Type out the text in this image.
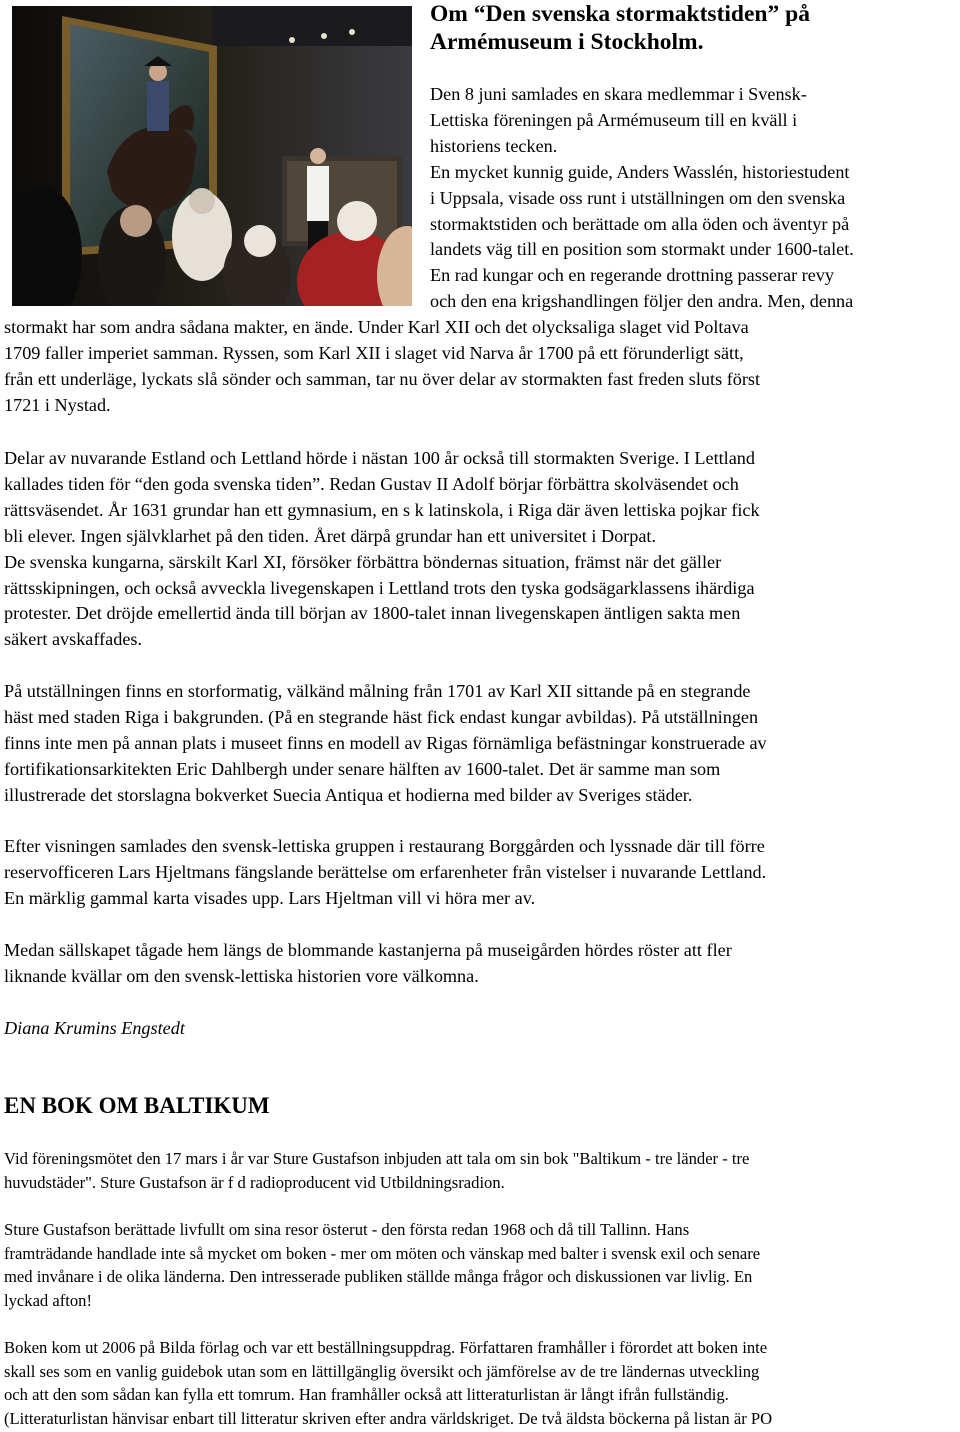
Om “Den svenska stormaktstiden” på
Armémuseum i Stockholm.
Den 8 juni samlades en skara medlemmar i Svensk-
Lettiska föreningen på Armémuseum till en kväll i
historiens tecken.
En mycket kunnig guide, Anders Wasslén, historiestudent
i Uppsala, visade oss runt i utställningen om den svenska
stormaktstiden och berättade om alla öden och äventyr på
landets väg till en position som stormakt under 1600-talet.
En rad kungar och en regerande drottning passerar revy
och den ena krigshandlingen följer den andra. Men, denna
stormakt har som andra sådana makter, en ände. Under Karl XII och det olycksaliga slaget vid Poltava
1709 faller imperiet samman. Ryssen, som Karl XII i slaget vid Narva år 1700 på ett förunderligt sätt,
från ett underläge, lyckats slå sönder och samman, tar nu över delar av stormakten fast freden sluts först
1721 i Nystad.
Delar av nuvarande Estland och Lettland hörde i nästan 100 år också till stormakten Sverige. I Lettland
kallades tiden för “den goda svenska tiden”. Redan Gustav II Adolf börjar förbättra skolväsendet och
rättsväsendet. År 1631 grundar han ett gymnasium, en s k latinskola, i Riga där även lettiska pojkar fick
bli elever. Ingen självklarhet på den tiden. Året därpå grundar han ett universitet i Dorpat.
De svenska kungarna, särskilt Karl XI, försöker förbättra böndernas situation, främst när det gäller
rättsskipningen, och också avveckla livegenskapen i Lettland trots den tyska godsägarklassens ihärdiga
protester. Det dröjde emellertid ända till början av 1800-talet innan livegenskapen äntligen sakta men
säkert avskaffades.
På utställningen finns en storformatig, välkänd målning från 1701 av Karl XII sittande på en stegrande
häst med staden Riga i bakgrunden. (På en stegrande häst fick endast kungar avbildas). På utställningen
finns inte men på annan plats i museet finns en modell av Rigas förnämliga befästningar konstruerade av
fortifikationsarkitekten Eric Dahlbergh under senare hälften av 1600-talet. Det är samme man som
illustrerade det storslagna bokverket Suecia Antiqua et hodierna med bilder av Sveriges städer.
Efter visningen samlades den svensk-lettiska gruppen i restaurang Borggården och lyssnade där till förre
reservofficeren Lars Hjeltmans fängslande berättelse om erfarenheter från vistelser i nuvarande Lettland.
En märklig gammal karta visades upp. Lars Hjeltman vill vi höra mer av.
Medan sällskapet tågade hem längs de blommande kastanjerna på museigården hördes röster att fler
liknande kvällar om den svensk-lettiska historien vore välkomna.
Diana Krumins Engstedt
EN BOK OM BALTIKUM
Vid föreningsmötet den 17 mars i år var Sture Gustafson inbjuden att tala om sin bok "Baltikum - tre länder - tre
huvudstäder". Sture Gustafson är f d radioproducent vid Utbildningsradion.
Sture Gustafson berättade livfullt om sina resor österut - den första redan 1968 och då till Tallinn. Hans
framträdande handlade inte så mycket om boken - mer om möten och vänskap med balter i svensk exil och senare
med invånare i de olika länderna. Den intresserade publiken ställde många frågor och diskussionen var livlig. En
lyckad afton!
Boken kom ut 2006 på Bilda förlag och var ett beställningsuppdrag. Författaren framhåller i förordet att boken inte
skall ses som en vanlig guidebok utan som en lättillgänglig översikt och jämförelse av de tre ländernas utveckling
och att den som sådan kan fylla ett tomrum. Han framhåller också att litteraturlistan är långt ifrån fullständig.
(Litteraturlistan hänvisar enbart till litteratur skriven efter andra världskriget. De två äldsta böckerna på listan är PO
